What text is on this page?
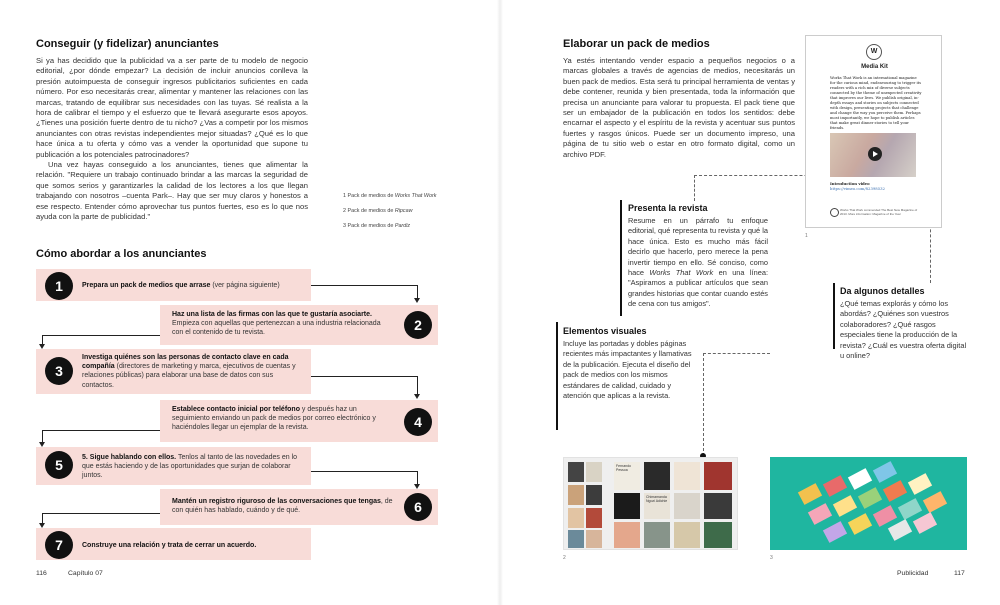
Conseguir (y fidelizar) anunciantes

Si ya has decidido que la publicidad va a ser parte de tu modelo de negocio editorial, ¿por dónde empezar? La decisión de incluir anuncios conlleva la presión autoimpuesta de conseguir ingresos publicitarios suficientes en cada número. Por eso necesitarás crear, alimentar y mantener las relaciones con las marcas, tratando de equilibrar sus necesidades con las tuyas. Sé realista a la hora de calibrar el tiempo y el esfuerzo que te llevará asegurarte esos apoyos. ¿Tienes una posición fuerte dentro de tu nicho? ¿Vas a competir por los mismos anunciantes con otras revistas independientes mejor situadas? ¿Qué es lo que hace única a tu oferta y cómo vas a vender la oportunidad que supone tu publicación a los potenciales patrocinadores?

Una vez hayas conseguido a los anunciantes, tienes que alimentar la relación. "Requiere un trabajo continuado brindar a las marcas la seguridad de que somos serios y garantizarles la calidad de los lectores a los que llegan trabajando con nosotros –cuenta Park–. Hay que ser muy claros y honestos a ese respecto. Entender cómo aprovechar tus puntos fuertes, eso es lo que nos ayuda con la parte de publicidad."

1 Pack de medios de Works That Work
2 Pack de medios de Ripcaw
3 Pack de medios de Pardiz
Cómo abordar a los anunciantes
1	Prepara un pack de medios que arrase (ver página siguiente)
Haz una lista de las firmas con las que te gustaría asociarte. Empieza con aquellas que pertenezcan a una industria relacionada con el contenido de tu revista.	2
3
Investiga quiénes son las personas de contacto clave en cada compañía (directores de marketing y marca, ejecutivos de cuentas y relaciones públicas) para elaborar una base de datos con sus contactos.
Establece contacto inicial por teléfono y después haz un seguimiento enviando un pack de medios por correo electrónico y haciéndoles llegar un ejemplar de la revista.	4
5	5. Sigue hablando con ellos. Tenlos al tanto de las novedades en lo que estás haciendo y de las oportunidades que surjan de colaborar juntos.
Mantén un registro riguroso de las conversaciones que tengas, de con quién has hablado, cuándo y de qué.	6
7	Construye una relación y trata de cerrar un acuerdo.
116	Capítulo 07
Elaborar un pack de medios
Ya estés intentando vender espacio a pequeños negocios o a marcas globales a través de agencias de medios, necesitarás un buen pack de medios. Esta será tu principal herramienta de ventas y debe contener, reunida y bien presentada, toda la información que precisa un anunciante para valorar tu propuesta. El pack tiene que ser un embajador de la publicación en todos los sentidos: debe encarnar el aspecto y el espíritu de la revista y acentuar sus puntos fuertes y rasgos únicos. Puede ser un documento impreso, una página de tu sitio web o estar en otro formato digital, como un archivo PDF.
Presenta la revista
Resume en un párrafo tu enfoque editorial, qué representa tu revista y qué la hace única. Esto es mucho más fácil decirlo que hacerlo, pero merece la pena invertir tiempo en ello. Sé conciso, como hace Works That Work en una línea: "Aspiramos a publicar artículos que sean grandes historias que contar cuando estés de cena con tus amigos".
Elementos visuales
Incluye las portadas y dobles páginas recientes más impactantes y llamativas de la publicación. Ejecuta el diseño del pack de medios con los mismos estándares de calidad, cuidado y atención que aplicas a la revista.
Da algunos detalles
¿Qué temas explorás y cómo los abordás? ¿Quiénes son vuestros colaboradores? ¿Qué rasgos especiales tiene la producción de la revista? ¿Cuál es vuestra oferta digital u online?
W
Media Kit
Works That Work is an international magazine for the curious mind, endeavouring to trigger its readers with a rich mix of diverse subjects connected by the theme of unexpected creativity that improves our lives. We publish original, in-depth essays and stories on subjects connected with design, presenting projects that challenge and change the way you perceive them. Perhaps most importantly, we hope to publish articles that make great dinner stories to tell your friends.
Introduction video
https://vimeo.com/82398532
Works That Work commended The Best New Magazine of 2013. More information: Magazine of the Year
1
Fernando Pessoa
Chimamanda Ngozi Adichie
2	3
Publicidad	117
